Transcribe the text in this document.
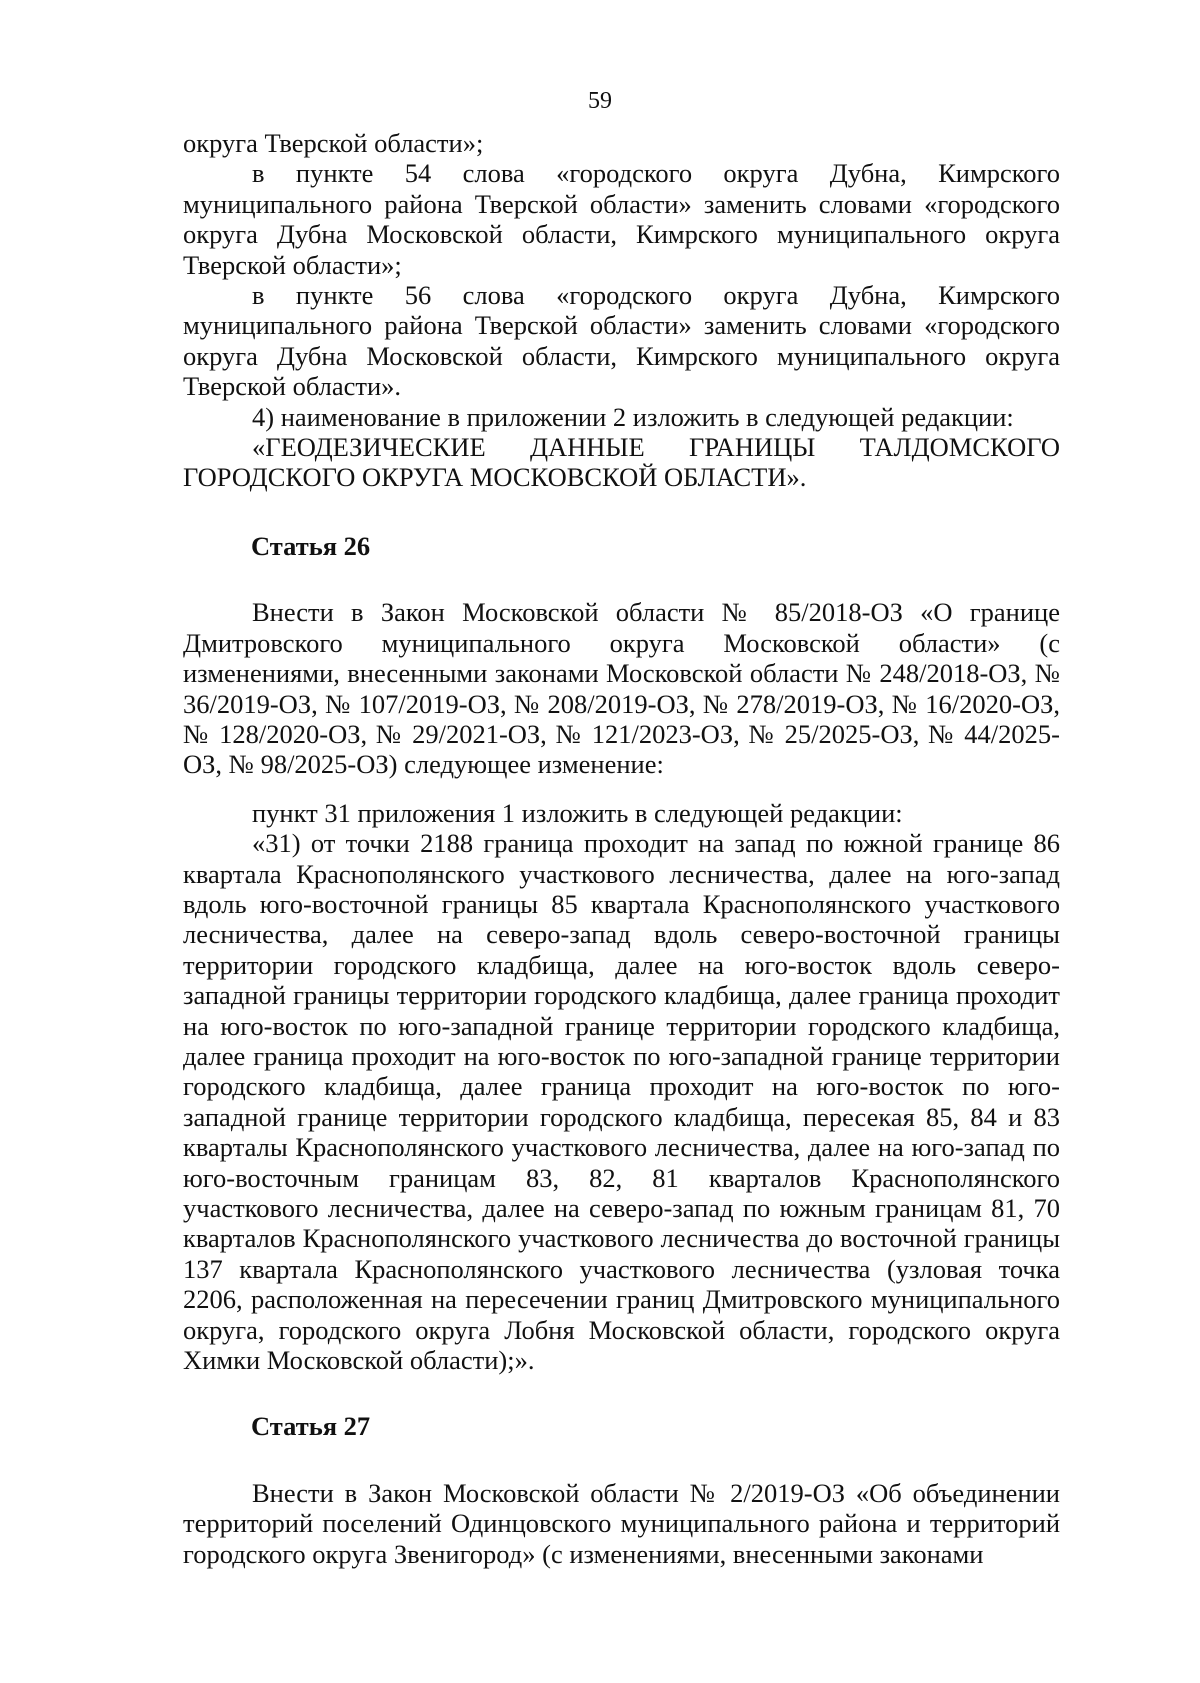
59

округа Тверской области»;

в пункте 54 слова «городского округа Дубна, Кимрского муниципального района Тверской области» заменить словами «городского округа Дубна Московской области, Кимрского муниципального округа Тверской области»;

в пункте 56 слова «городского округа Дубна, Кимрского муниципального района Тверской области» заменить словами «городского округа Дубна Московской области, Кимрского муниципального округа Тверской области».

4) наименование в приложении 2 изложить в следующей редакции:

«ГЕОДЕЗИЧЕСКИЕ ДАННЫЕ ГРАНИЦЫ ТАЛДОМСКОГО ГОРОДСКОГО ОКРУГА МОСКОВСКОЙ ОБЛАСТИ».

Статья 26

Внести в Закон Московской области № 85/2018-ОЗ «О границе Дмитровского муниципального округа Московской области» (с изменениями, внесенными законами Московской области № 248/2018-ОЗ, № 36/2019-ОЗ, № 107/2019-ОЗ, № 208/2019-ОЗ, № 278/2019-ОЗ, № 16/2020-ОЗ, № 128/2020-ОЗ, № 29/2021-ОЗ, № 121/2023-ОЗ, № 25/2025-ОЗ, № 44/2025-ОЗ, № 98/2025-ОЗ) следующее изменение:

пункт 31 приложения 1 изложить в следующей редакции:

«31) от точки 2188 граница проходит на запад по южной границе 86 квартала Краснополянского участкового лесничества, далее на юго-запад вдоль юго-восточной границы 85 квартала Краснополянского участкового лесничества, далее на северо-запад вдоль северо-восточной границы территории городского кладбища, далее на юго-восток вдоль северо-западной границы территории городского кладбища, далее граница проходит на юго-восток по юго-западной границе территории городского кладбища, далее граница проходит на юго-восток по юго-западной границе территории городского кладбища, далее граница проходит на юго-восток по юго-западной границе территории городского кладбища, пересекая 85, 84 и 83 кварталы Краснополянского участкового лесничества, далее на юго-запад по юго-восточным границам 83, 82, 81 кварталов Краснополянского участкового лесничества, далее на северо-запад по южным границам 81, 70 кварталов Краснополянского участкового лесничества до восточной границы 137 квартала Краснополянского участкового лесничества (узловая точка 2206, расположенная на пересечении границ Дмитровского муниципального округа, городского округа Лобня Московской области, городского округа Химки Московской области);».

Статья 27

Внести в Закон Московской области № 2/2019-ОЗ «Об объединении территорий поселений Одинцовского муниципального района и территорий городского округа Звенигород» (с изменениями, внесенными законами
